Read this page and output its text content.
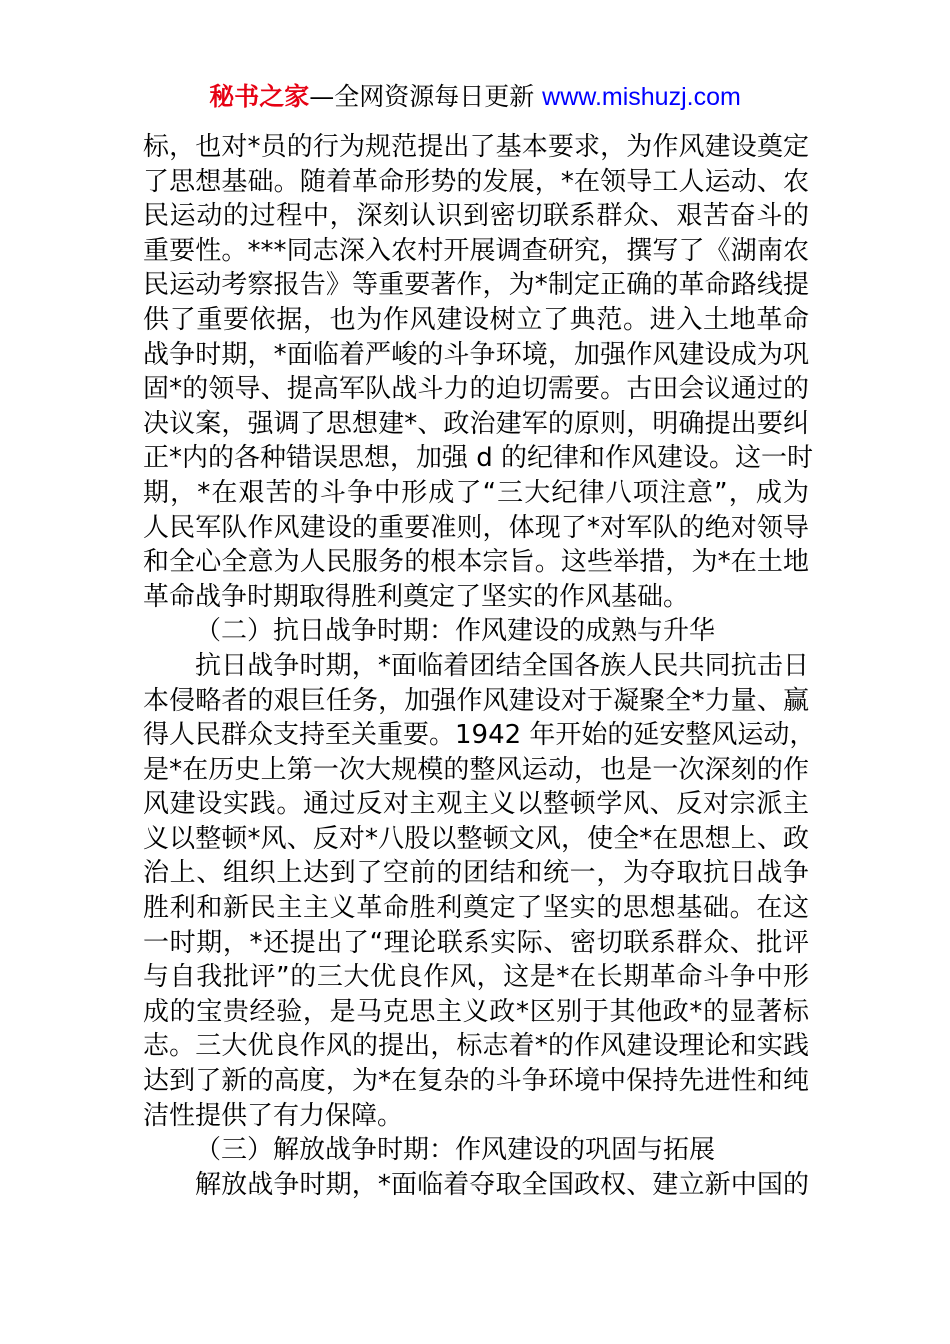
秘书之家—全网资源每日更新 www.mishuzj.com
标，也对*员的行为规范提出了基本要求，为作风建设奠定
了思想基础。随着革命形势的发展，*在领导工人运动、农
民运动的过程中，深刻认识到密切联系群众、艰苦奋斗的
重要性。***同志深入农村开展调查研究，撰写了《湖南农
民运动考察报告》等重要著作，为*制定正确的革命路线提
供了重要依据，也为作风建设树立了典范。进入土地革命
战争时期，*面临着严峻的斗争环境，加强作风建设成为巩
固*的领导、提高军队战斗力的迫切需要。古田会议通过的
决议案，强调了思想建*、政治建军的原则，明确提出要纠
正*内的各种错误思想，加强 d 的纪律和作风建设。这一时
期，*在艰苦的斗争中形成了“三大纪律八项注意”，成为
人民军队作风建设的重要准则，体现了*对军队的绝对领导
和全心全意为人民服务的根本宗旨。这些举措，为*在土地
革命战争时期取得胜利奠定了坚实的作风基础。
（二）抗日战争时期：作风建设的成熟与升华
抗日战争时期，*面临着团结全国各族人民共同抗击日
本侵略者的艰巨任务，加强作风建设对于凝聚全*力量、赢
得人民群众支持至关重要。1942 年开始的延安整风运动，
是*在历史上第一次大规模的整风运动，也是一次深刻的作
风建设实践。通过反对主观主义以整顿学风、反对宗派主
义以整顿*风、反对*八股以整顿文风，使全*在思想上、政
治上、组织上达到了空前的团结和统一，为夺取抗日战争
胜利和新民主主义革命胜利奠定了坚实的思想基础。在这
一时期，*还提出了“理论联系实际、密切联系群众、批评
与自我批评”的三大优良作风，这是*在长期革命斗争中形
成的宝贵经验，是马克思主义政*区别于其他政*的显著标
志。三大优良作风的提出，标志着*的作风建设理论和实践
达到了新的高度，为*在复杂的斗争环境中保持先进性和纯
洁性提供了有力保障。
（三）解放战争时期：作风建设的巩固与拓展
解放战争时期，*面临着夺取全国政权、建立新中国的
